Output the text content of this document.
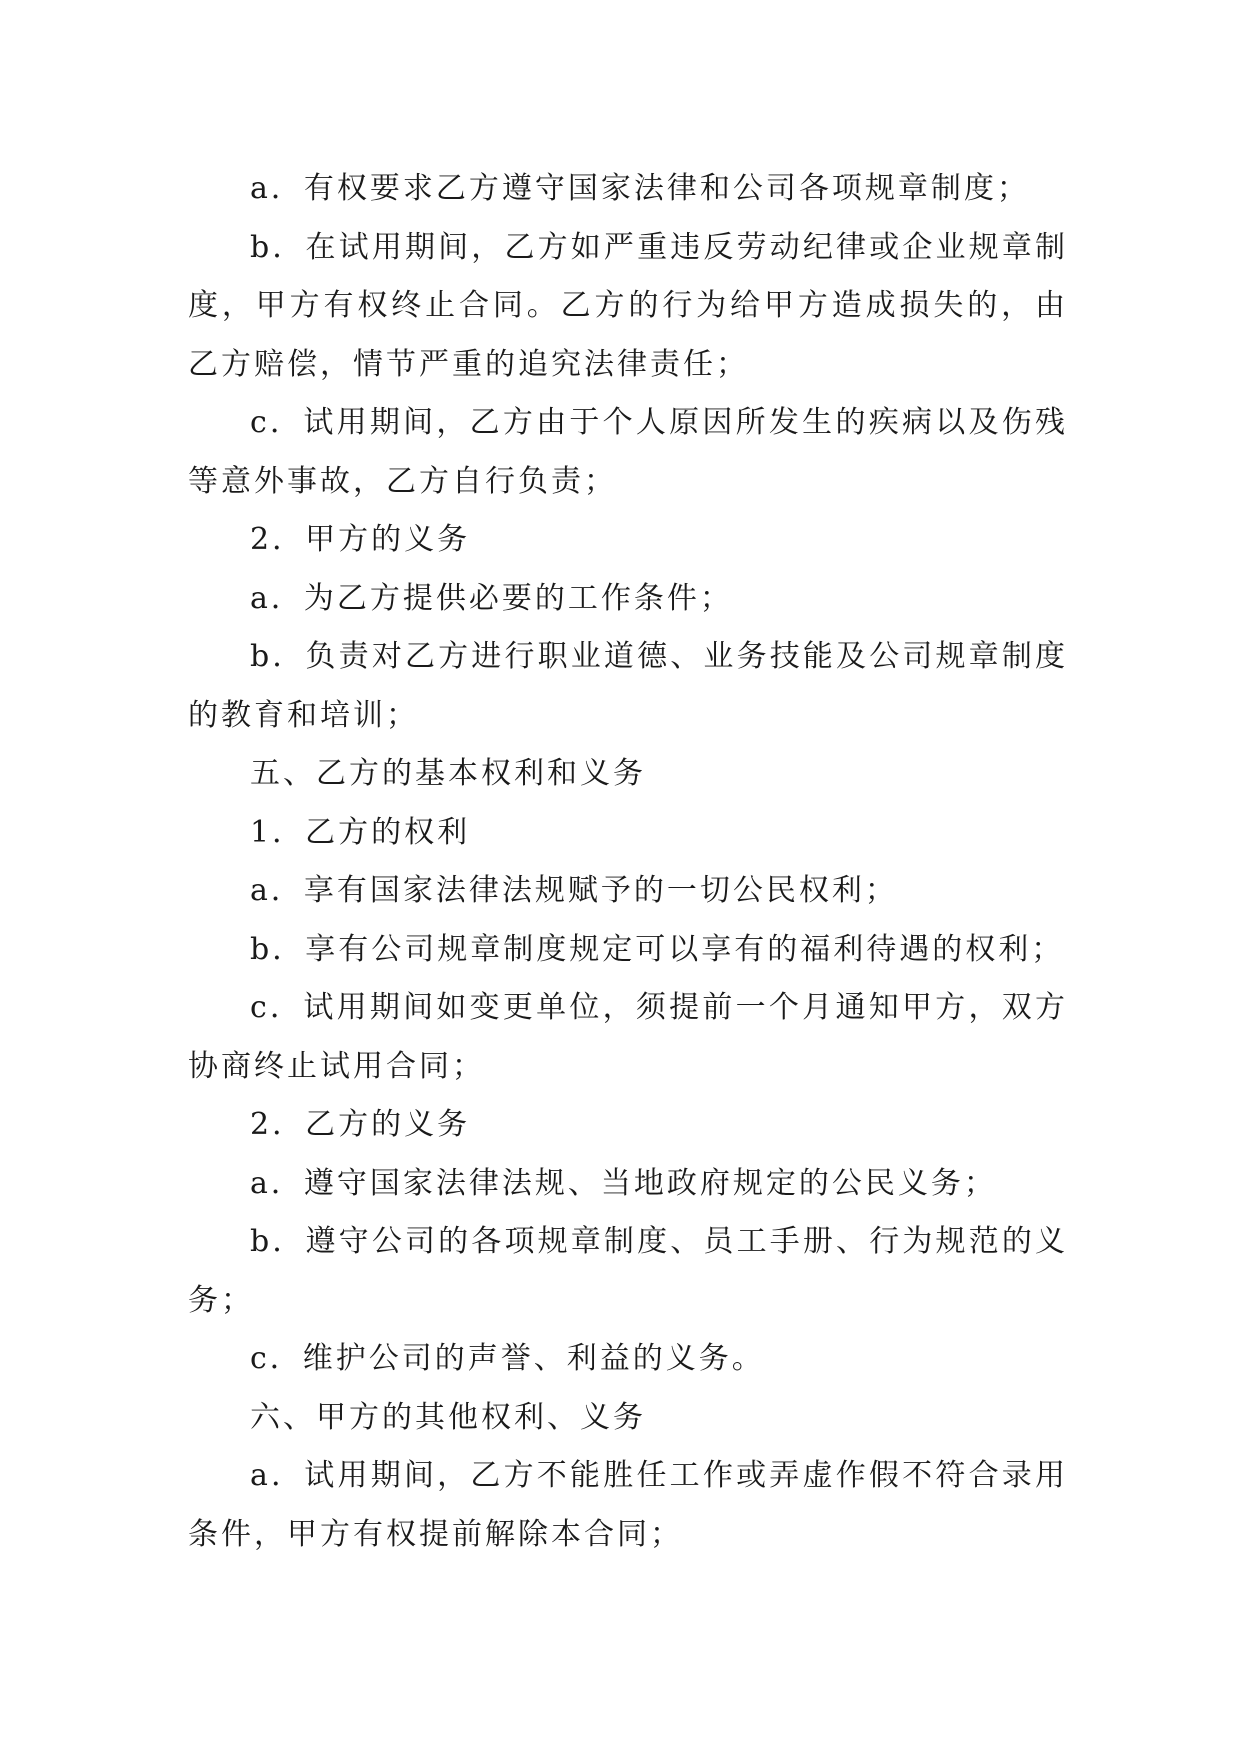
a．有权要求乙方遵守国家法律和公司各项规章制度；

b．在试用期间，乙方如严重违反劳动纪律或企业规章制度，甲方有权终止合同。乙方的行为给甲方造成损失的，由乙方赔偿，情节严重的追究法律责任；

c．试用期间，乙方由于个人原因所发生的疾病以及伤残等意外事故，乙方自行负责；

2．甲方的义务

a．为乙方提供必要的工作条件；

b．负责对乙方进行职业道德、业务技能及公司规章制度的教育和培训；

五、乙方的基本权利和义务

1．乙方的权利

a．享有国家法律法规赋予的一切公民权利；

b．享有公司规章制度规定可以享有的福利待遇的权利；

c．试用期间如变更单位，须提前一个月通知甲方，双方协商终止试用合同；

2．乙方的义务

a．遵守国家法律法规、当地政府规定的公民义务；

b．遵守公司的各项规章制度、员工手册、行为规范的义务；

c．维护公司的声誉、利益的义务。

六、甲方的其他权利、义务

a．试用期间，乙方不能胜任工作或弄虚作假不符合录用条件，甲方有权提前解除本合同；
